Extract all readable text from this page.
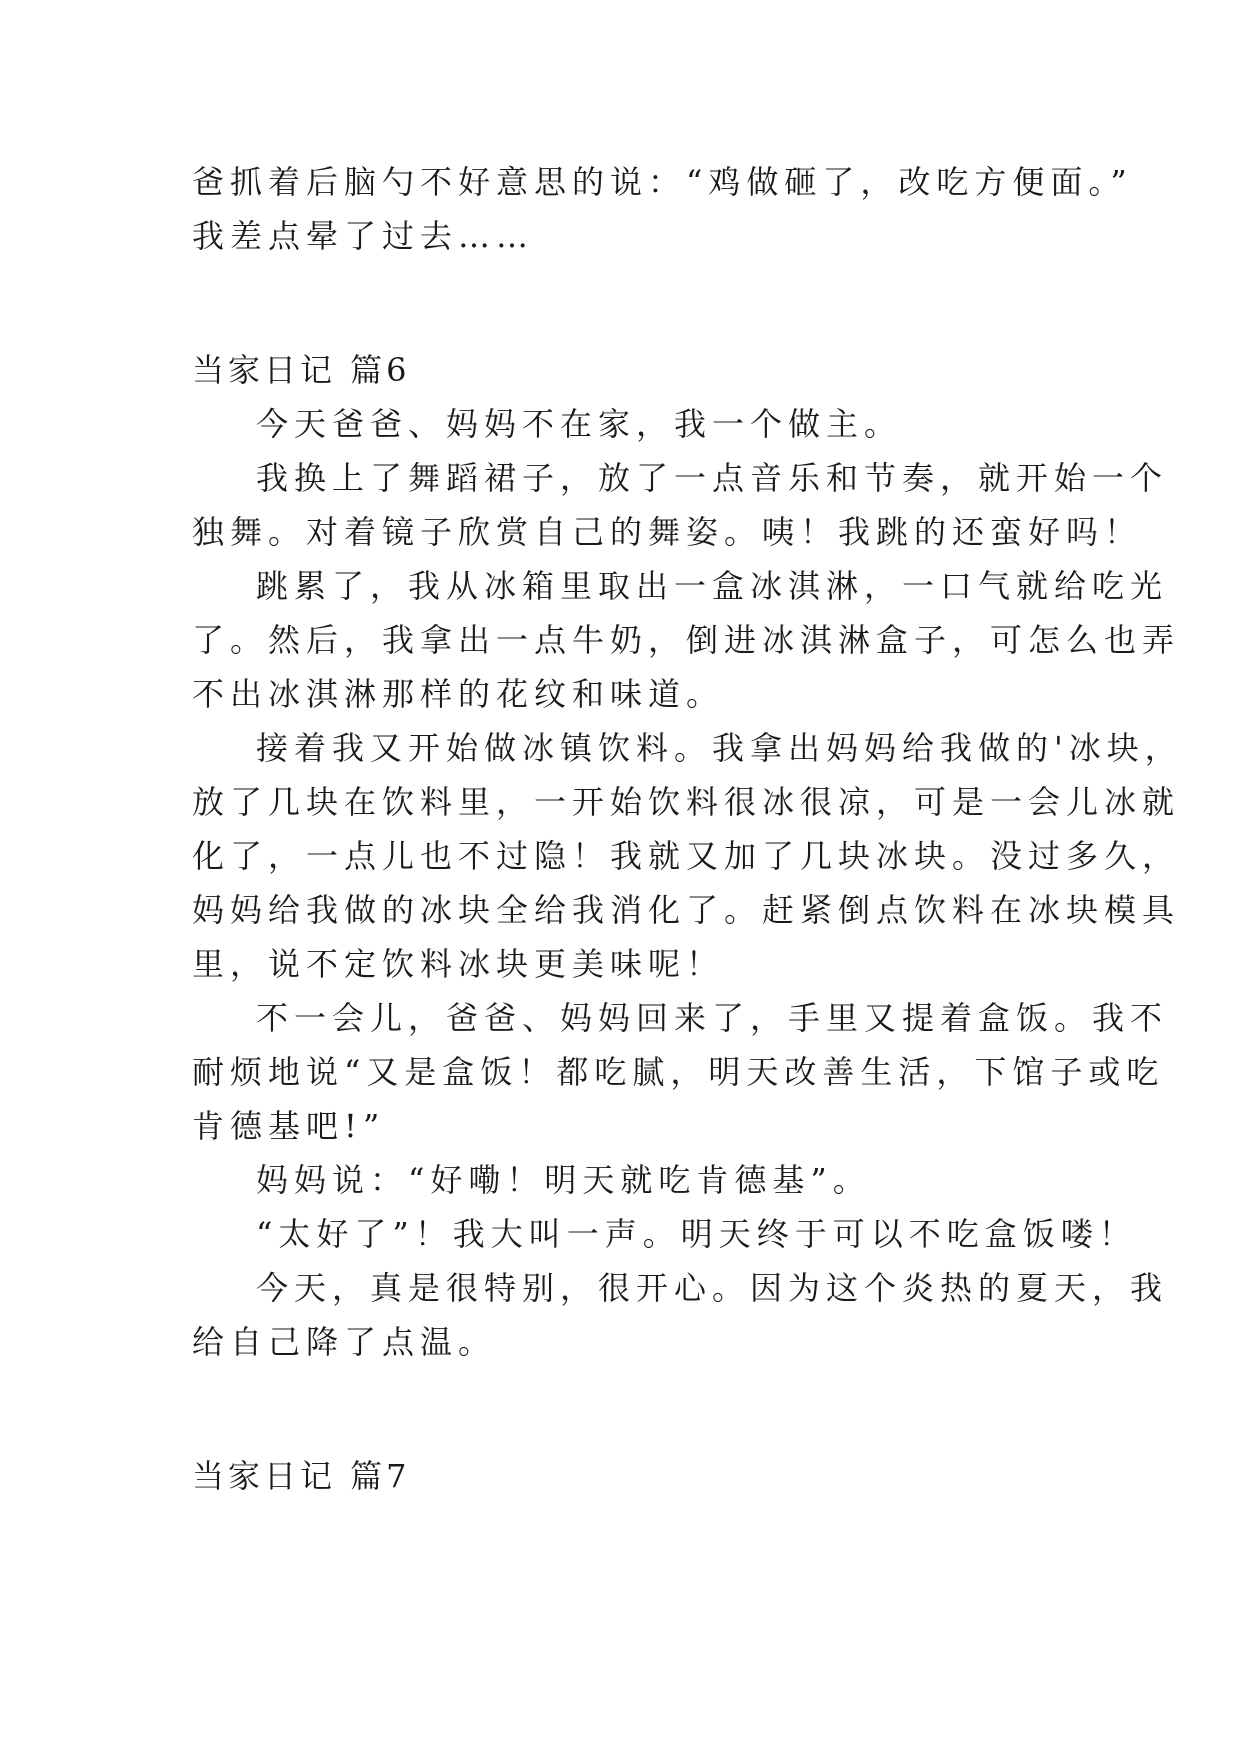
爸抓着后脑勺不好意思的说：“鸡做砸了，改吃方便面。”
我差点晕了过去……
当家日记 篇6
今天爸爸、妈妈不在家，我一个做主。
我换上了舞蹈裙子，放了一点音乐和节奏，就开始一个
独舞。对着镜子欣赏自己的舞姿。咦！我跳的还蛮好吗！
跳累了，我从冰箱里取出一盒冰淇淋，一口气就给吃光
了。然后，我拿出一点牛奶，倒进冰淇淋盒子，可怎么也弄
不出冰淇淋那样的花纹和味道。
接着我又开始做冰镇饮料。我拿出妈妈给我做的'冰块，
放了几块在饮料里，一开始饮料很冰很凉，可是一会儿冰就
化了，一点儿也不过隐！我就又加了几块冰块。没过多久，
妈妈给我做的冰块全给我消化了。赶紧倒点饮料在冰块模具
里，说不定饮料冰块更美味呢！
不一会儿，爸爸、妈妈回来了，手里又提着盒饭。我不
耐烦地说“又是盒饭！都吃腻，明天改善生活，下馆子或吃
肯德基吧!”
妈妈说：“好嘞！明天就吃肯德基”。
“太好了”！我大叫一声。明天终于可以不吃盒饭喽！
今天，真是很特别，很开心。因为这个炎热的夏天，我
给自己降了点温。
当家日记 篇7
